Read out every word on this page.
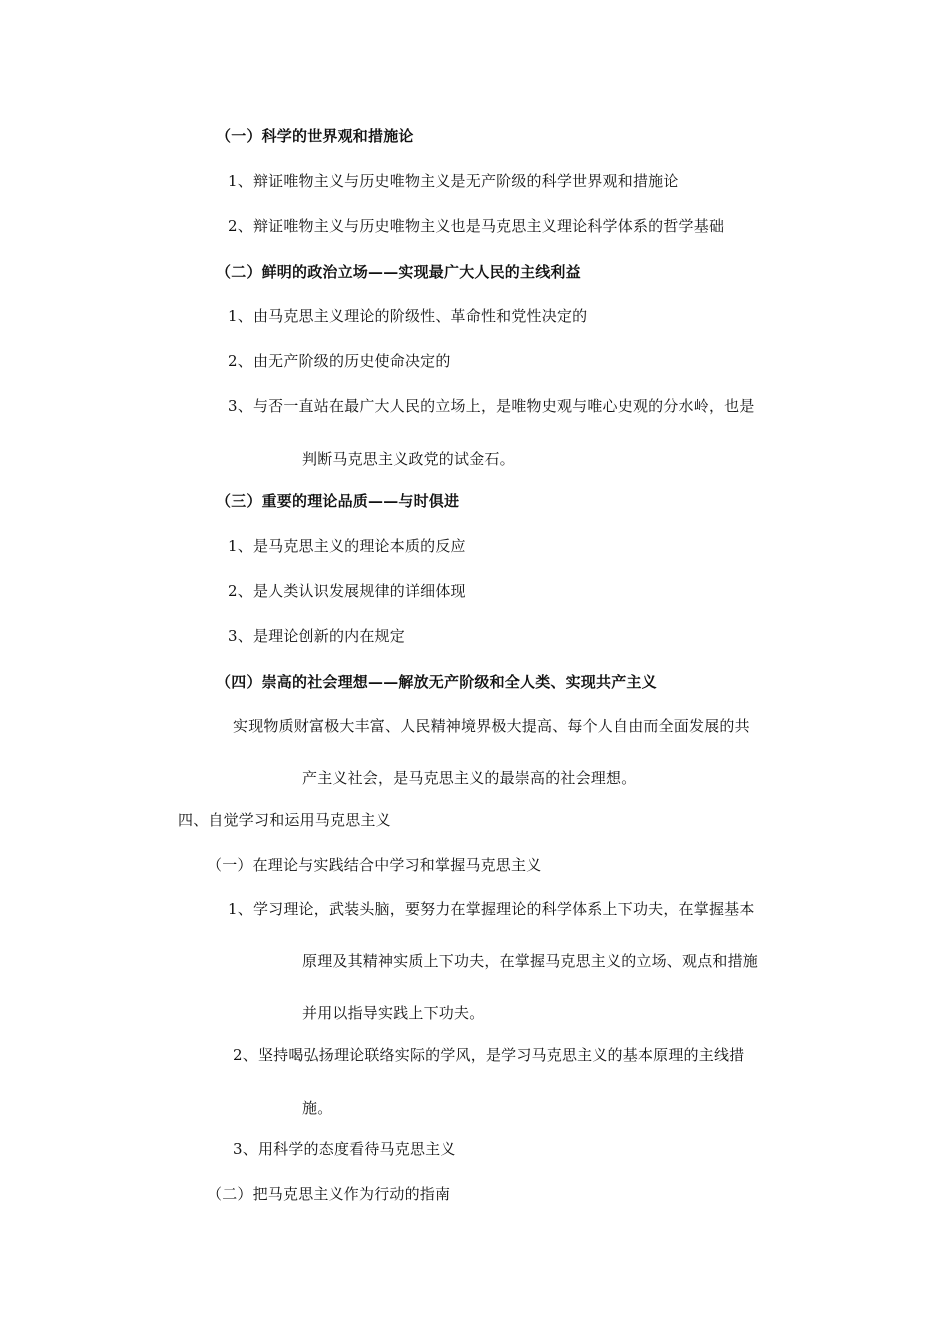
（一）科学的世界观和措施论
1、辩证唯物主义与历史唯物主义是无产阶级的科学世界观和措施论
2、辩证唯物主义与历史唯物主义也是马克思主义理论科学体系的哲学基础
（二）鲜明的政治立场——实现最广大人民的主线利益
1、由马克思主义理论的阶级性、革命性和党性决定的
2、由无产阶级的历史使命决定的
3、与否一直站在最广大人民的立场上，是唯物史观与唯心史观的分水岭，也是
判断马克思主义政党的试金石。
（三）重要的理论品质——与时俱进
1、是马克思主义的理论本质的反应
2、是人类认识发展规律的详细体现
3、是理论创新的内在规定
（四）崇高的社会理想——解放无产阶级和全人类、实现共产主义
实现物质财富极大丰富、人民精神境界极大提高、每个人自由而全面发展的共
产主义社会，是马克思主义的最崇高的社会理想。
四、自觉学习和运用马克思主义
（一）在理论与实践结合中学习和掌握马克思主义
1、学习理论，武装头脑，要努力在掌握理论的科学体系上下功夫，在掌握基本
原理及其精神实质上下功夫，在掌握马克思主义的立场、观点和措施
并用以指导实践上下功夫。
2、坚持喝弘扬理论联络实际的学风，是学习马克思主义的基本原理的主线措
施。
3、用科学的态度看待马克思主义
（二）把马克思主义作为行动的指南
